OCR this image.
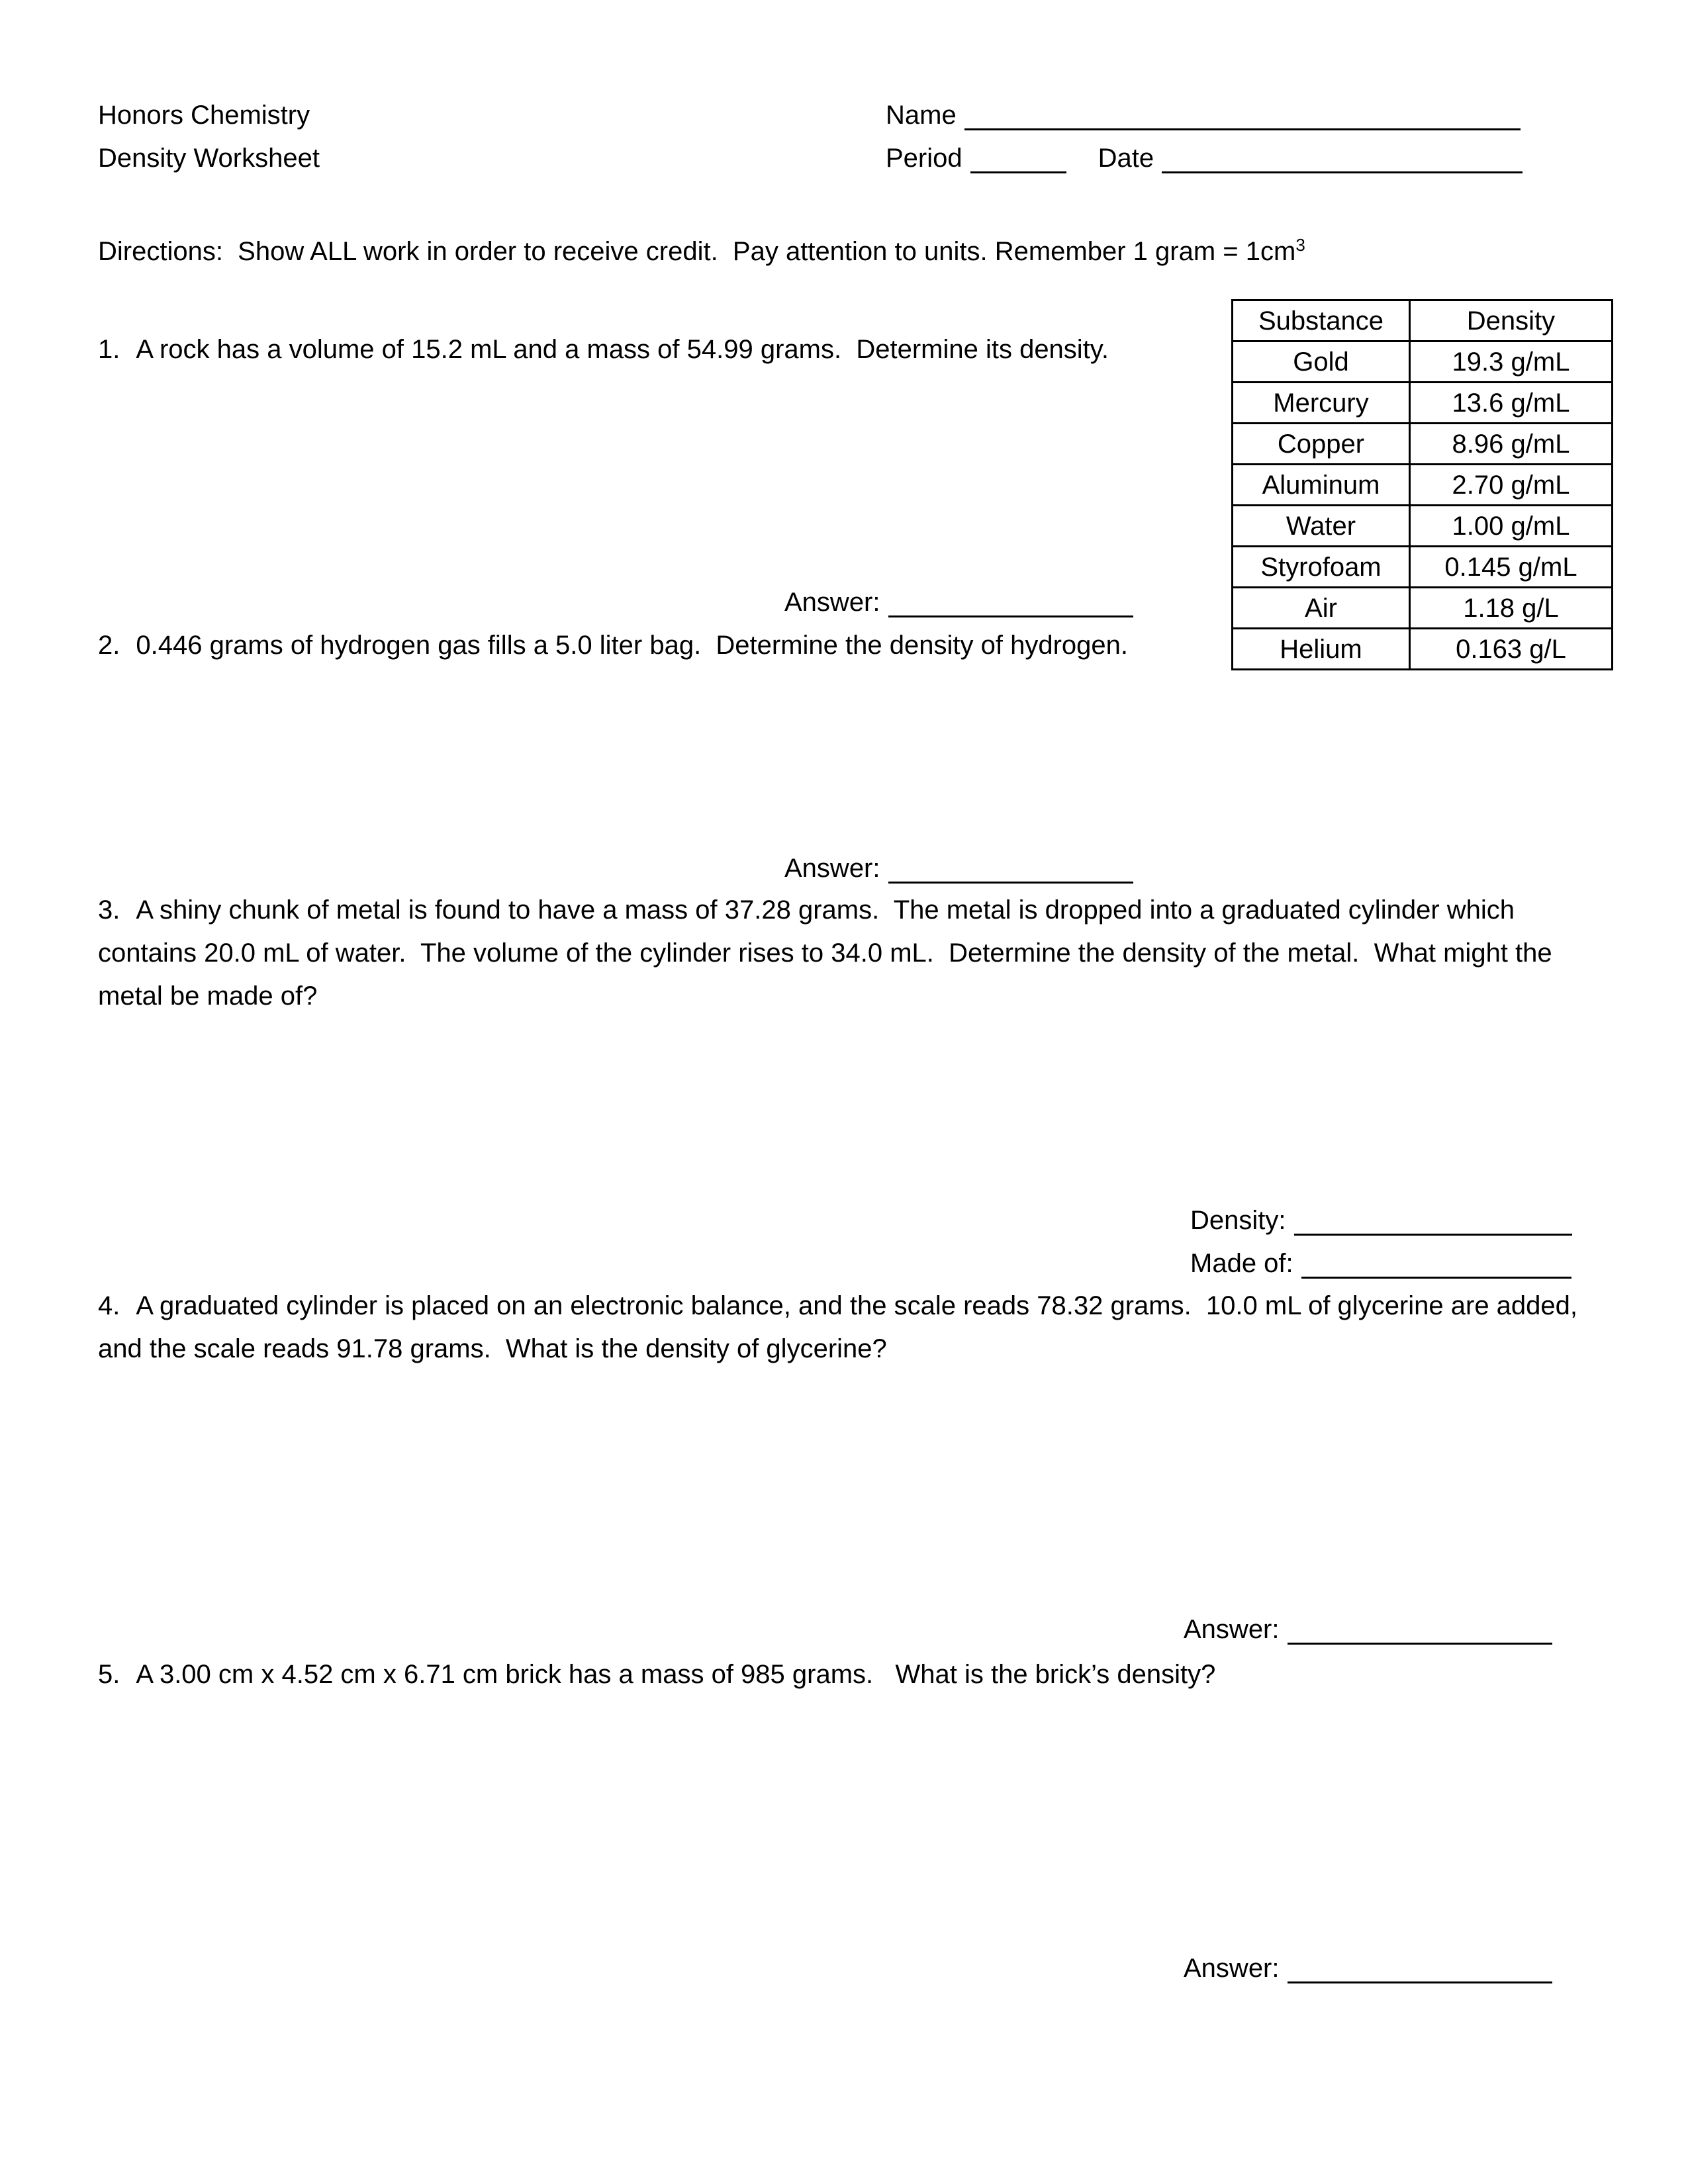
Honors Chemistry
Density Worksheet
Name
Period	Date
Directions:  Show ALL work in order to receive credit.  Pay attention to units. Remember 1 gram = $1cm^3$

1. A rock has a volume of 15.2 mL and a mass of 54.99 grams.  Determine its density.

Substance	Density
Gold	19.3 g/mL
Mercury	13.6 g/mL
Copper	8.96 g/mL
Aluminum	2.70 g/mL
Water	1.00 g/mL
Styrofoam	0.145 g/mL
Air	1.18 g/L
Helium	0.163 g/L
Answer:

2. 0.446 grams of hydrogen gas fills a 5.0 liter bag.  Determine the density of hydrogen.

Answer:

3. A shiny chunk of metal is found to have a mass of 37.28 grams.  The metal is dropped into a graduated cylinder which contains 20.0 mL of water.  The volume of the cylinder rises to 34.0 mL.  Determine the density of the metal.  What might the metal be made of?

Density:
Made of:

4. A graduated cylinder is placed on an electronic balance, and the scale reads 78.32 grams.  10.0 mL of glycerine are added, and the scale reads 91.78 grams.  What is the density of glycerine?

Answer:

5. A 3.00 cm x 4.52 cm x 6.71 cm brick has a mass of 985 grams.   What is the brick’s density?

Answer:
